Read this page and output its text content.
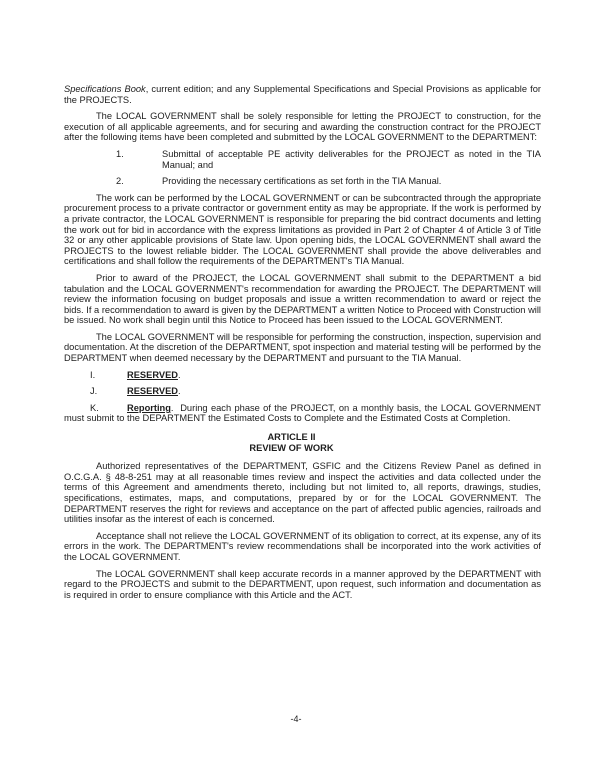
Specifications Book, current edition; and any Supplemental Specifications and Special Provisions as applicable for the PROJECTS.

The LOCAL GOVERNMENT shall be solely responsible for letting the PROJECT to construction, for the execution of all applicable agreements, and for securing and awarding the construction contract for the PROJECT after the following items have been completed and submitted by the LOCAL GOVERNMENT to the DEPARTMENT:

1.	Submittal of acceptable PE activity deliverables for the PROJECT as noted in the TIA Manual; and
2.	Providing the necessary certifications as set forth in the TIA Manual.

The work can be performed by the LOCAL GOVERNMENT or can be subcontracted through the appropriate procurement process to a private contractor or government entity as may be appropriate. If the work is performed by a private contractor, the LOCAL GOVERNMENT is responsible for preparing the bid contract documents and letting the work out for bid in accordance with the express limitations as provided in Part 2 of Chapter 4 of Article 3 of Title 32 or any other applicable provisions of State law. Upon opening bids, the LOCAL GOVERNMENT shall award the PROJECTS to the lowest reliable bidder. The LOCAL GOVERNMENT shall provide the above deliverables and certifications and shall follow the requirements of the DEPARTMENT's TIA Manual.

Prior to award of the PROJECT, the LOCAL GOVERNMENT shall submit to the DEPARTMENT a bid tabulation and the LOCAL GOVERNMENT's recommendation for awarding the PROJECT. The DEPARTMENT will review the information focusing on budget proposals and issue a written recommendation to award or reject the bids. If a recommendation to award is given by the DEPARTMENT a written Notice to Proceed with Construction will be issued. No work shall begin until this Notice to Proceed has been issued to the LOCAL GOVERNMENT.

The LOCAL GOVERNMENT will be responsible for performing the construction, inspection, supervision and documentation. At the discretion of the DEPARTMENT, spot inspection and material testing will be performed by the DEPARTMENT when deemed necessary by the DEPARTMENT and pursuant to the TIA Manual.

I.	RESERVED.

J.	RESERVED.

K.	Reporting. During each phase of the PROJECT, on a monthly basis, the LOCAL GOVERNMENT must submit to the DEPARTMENT the Estimated Costs to Complete and the Estimated Costs at Completion.

ARTICLE II
REVIEW OF WORK

Authorized representatives of the DEPARTMENT, GSFIC and the Citizens Review Panel as defined in O.C.G.A. § 48-8-251 may at all reasonable times review and inspect the activities and data collected under the terms of this Agreement and amendments thereto, including but not limited to, all reports, drawings, studies, specifications, estimates, maps, and computations, prepared by or for the LOCAL GOVERNMENT. The DEPARTMENT reserves the right for reviews and acceptance on the part of affected public agencies, railroads and utilities insofar as the interest of each is concerned.

Acceptance shall not relieve the LOCAL GOVERNMENT of its obligation to correct, at its expense, any of its errors in the work. The DEPARTMENT's review recommendations shall be incorporated into the work activities of the LOCAL GOVERNMENT.

The LOCAL GOVERNMENT shall keep accurate records in a manner approved by the DEPARTMENT with regard to the PROJECTS and submit to the DEPARTMENT, upon request, such information and documentation as is required in order to ensure compliance with this Article and the ACT.

-4-
